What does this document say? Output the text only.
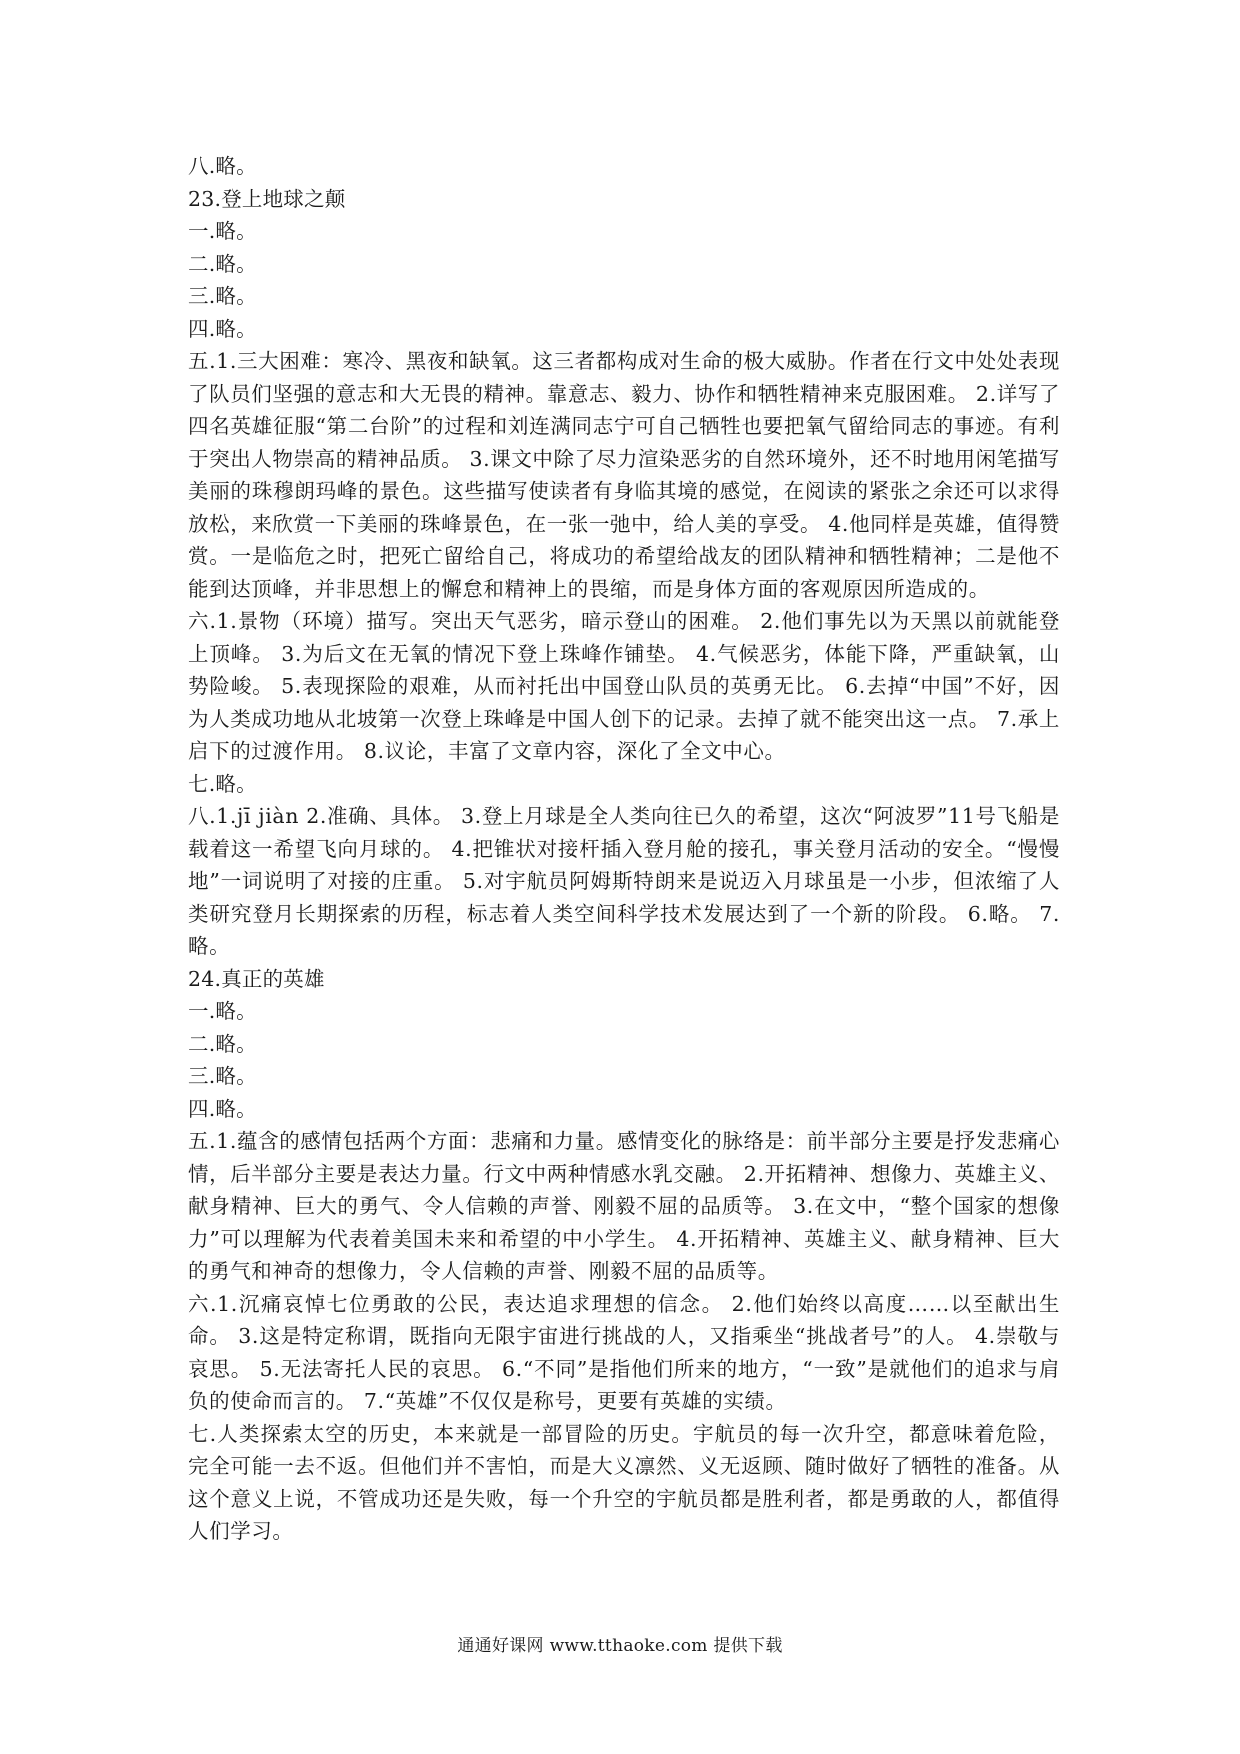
八.略。
23.登上地球之颠
一.略。
二.略。
三.略。
四.略。

五.1.三大困难：寒冷、黑夜和缺氧。这三者都构成对生命的极大威胁。作者在行文中处处表现了队员们坚强的意志和大无畏的精神。靠意志、毅力、协作和牺牲精神来克服困难。 2.详写了四名英雄征服“第二台阶”的过程和刘连满同志宁可自己牺牲也要把氧气留给同志的事迹。有利于突出人物崇高的精神品质。 3.课文中除了尽力渲染恶劣的自然环境外，还不时地用闲笔描写美丽的珠穆朗玛峰的景色。这些描写使读者有身临其境的感觉，在阅读的紧张之余还可以求得放松，来欣赏一下美丽的珠峰景色，在一张一弛中，给人美的享受。 4.他同样是英雄，值得赞赏。一是临危之时，把死亡留给自己，将成功的希望给战友的团队精神和牺牲精神；二是他不能到达顶峰，并非思想上的懈怠和精神上的畏缩，而是身体方面的客观原因所造成的。

六.1.景物（环境）描写。突出天气恶劣，暗示登山的困难。 2.他们事先以为天黑以前就能登上顶峰。 3.为后文在无氧的情况下登上珠峰作铺垫。 4.气候恶劣，体能下降，严重缺氧，山势险峻。 5.表现探险的艰难，从而衬托出中国登山队员的英勇无比。 6.去掉“中国”不好，因为人类成功地从北坡第一次登上珠峰是中国人创下的记录。去掉了就不能突出这一点。 7.承上启下的过渡作用。 8.议论，丰富了文章内容，深化了全文中心。

七.略。

八.1.jī jiàn 2.准确、具体。 3.登上月球是全人类向往已久的希望，这次“阿波罗”11号飞船是载着这一希望飞向月球的。 4.把锥状对接杆插入登月舱的接孔，事关登月活动的安全。“慢慢地”一词说明了对接的庄重。 5.对宇航员阿姆斯特朗来是说迈入月球虽是一小步，但浓缩了人类研究登月长期探索的历程，标志着人类空间科学技术发展达到了一个新的阶段。 6.略。 7.略。

24.真正的英雄
一.略。
二.略。
三.略。
四.略。

五.1.蕴含的感情包括两个方面：悲痛和力量。感情变化的脉络是：前半部分主要是抒发悲痛心情，后半部分主要是表达力量。行文中两种情感水乳交融。 2.开拓精神、想像力、英雄主义、献身精神、巨大的勇气、令人信赖的声誉、刚毅不屈的品质等。 3.在文中，“整个国家的想像力”可以理解为代表着美国未来和希望的中小学生。 4.开拓精神、英雄主义、献身精神、巨大的勇气和神奇的想像力，令人信赖的声誉、刚毅不屈的品质等。

六.1.沉痛哀悼七位勇敢的公民，表达追求理想的信念。 2.他们始终以高度……以至献出生命。 3.这是特定称谓，既指向无限宇宙进行挑战的人，又指乘坐“挑战者号”的人。 4.崇敬与哀思。 5.无法寄托人民的哀思。 6.“不同”是指他们所来的地方，“一致”是就他们的追求与肩负的使命而言的。 7.“英雄”不仅仅是称号，更要有英雄的实绩。

七.人类探索太空的历史，本来就是一部冒险的历史。宇航员的每一次升空，都意味着危险，完全可能一去不返。但他们并不害怕，而是大义凛然、义无返顾、随时做好了牺牲的准备。从这个意义上说，不管成功还是失败，每一个升空的宇航员都是胜利者，都是勇敢的人，都值得人们学习。

通通好课网 www.tthaoke.com 提供下载
